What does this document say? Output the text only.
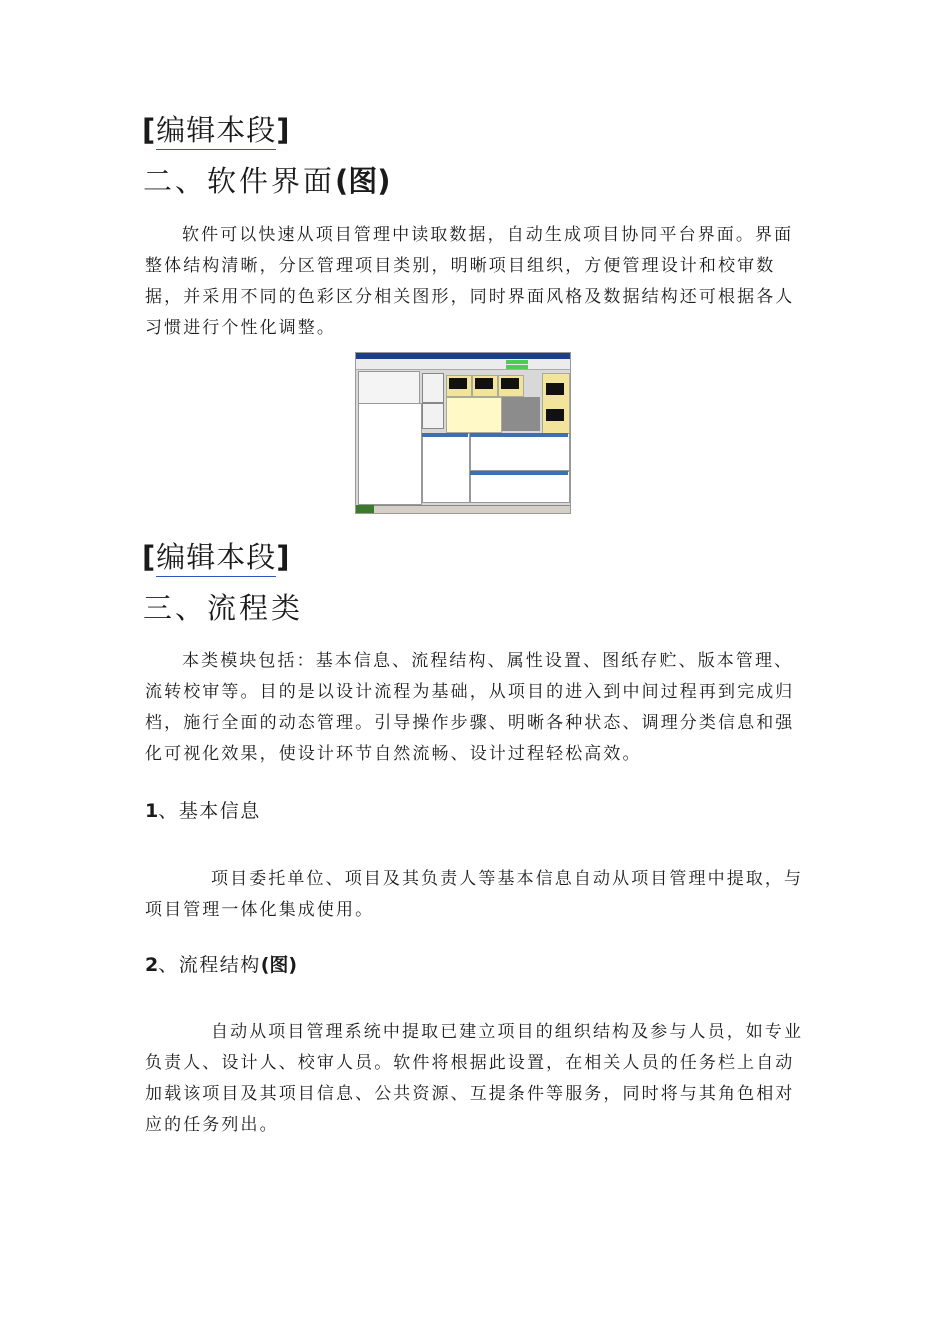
[编辑本段]
二、软件界面(图)
软件可以快速从项目管理中读取数据，自动生成项目协同平台界面。界面整体结构清晰，分区管理项目类别，明晰项目组织，方便管理设计和校审数据，并采用不同的色彩区分相关图形，同时界面风格及数据结构还可根据各人习惯进行个性化调整。
[编辑本段]
三、流程类
本类模块包括：基本信息、流程结构、属性设置、图纸存贮、版本管理、流转校审等。目的是以设计流程为基础，从项目的进入到中间过程再到完成归档，施行全面的动态管理。引导操作步骤、明晰各种状态、调理分类信息和强化可视化效果，使设计环节自然流畅、设计过程轻松高效。
1、基本信息
项目委托单位、项目及其负责人等基本信息自动从项目管理中提取，与项目管理一体化集成使用。
2、流程结构(图)
自动从项目管理系统中提取已建立项目的组织结构及参与人员，如专业负责人、设计人、校审人员。软件将根据此设置，在相关人员的任务栏上自动加载该项目及其项目信息、公共资源、互提条件等服务，同时将与其角色相对应的任务列出。
